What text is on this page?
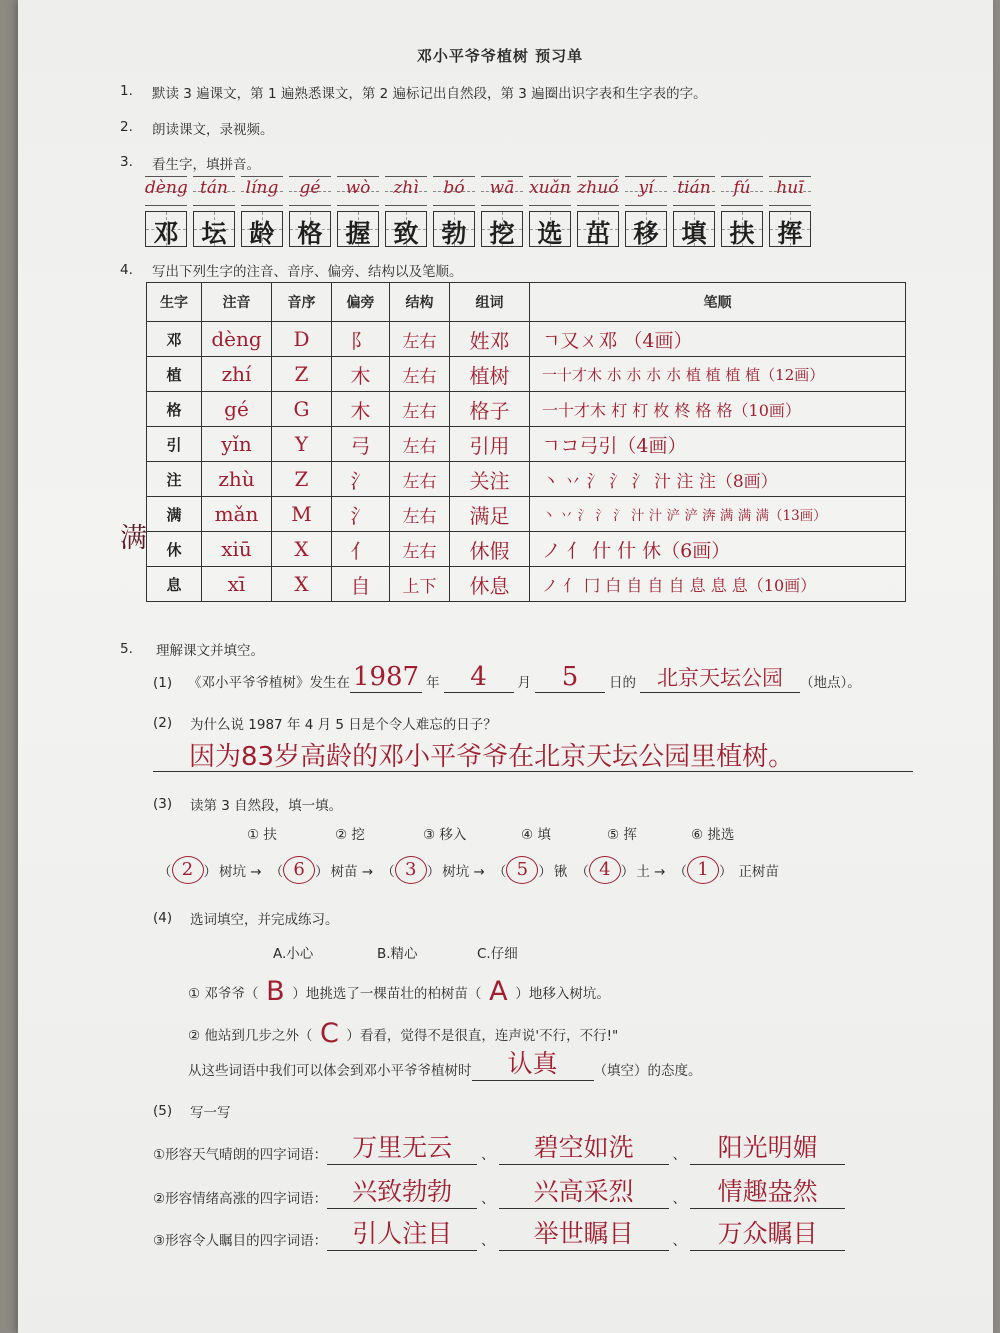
邓小平爷爷植树 预习单
1. 默读 3 遍课文，第 1 遍熟悉课文，第 2 遍标记出自然段，第 3 遍圈出识字表和生字表的字。
2. 朗读课文，录视频。
3. 看生字，填拼音。
dèng tán	líng	gé	wò	zhì	bó	wā xuǎn zhuó	yí	tián	fú	huī
邓 坛 龄 格 握 致 勃 挖 选 茁 移 填 扶 挥
4. 写出下列生字的注音、音序、偏旁、结构以及笔顺。
满
生字	注音	音序	偏旁	结构	组词	笔顺
邓	dèng	D	阝	左右	姓邓	ㄱ又ㄨ邓 （4画）
植	zhí	Z	木	左右	植树	一十才木 朩 朩 朩 朩 植 植 植 植（12画）
格	gé	G	木	左右	格子	一十才木 朾 朾 枚 柊 格 格（10画）
引	yǐn	Y	弓	左右	引用	ㄱコ弓引（4画）
注	zhù	Z	氵	左右	关注	丶 丷 氵 氵 氵 汁 注 注（8画）
满	mǎn	M	氵	左右	满足	丶 丷 氵 氵 氵 汁 汁 浐 浐 渀 满 满 满（13画）
休	xiū	X	亻	左右	休假	ノ 亻 什 什 休（6画）
息	xī	X	自	上下	休息	ノ 亻 冂 白 自 自 自 息 息 息（10画）
5. 理解课文并填空。
(1) 《邓小平爷爷植树》发生在 1987 年	4	月	5	日的	北京天坛公园	（地点）。
(2) 为什么说 1987 年 4 月 5 日是个令人难忘的日子？
因为83岁高龄的邓小平爷爷在北京天坛公园里植树。
(3) 读第 3 自然段，填一填。
① 扶	② 挖	③ 移入	④ 填	⑤ 挥	⑥ 挑选
（ 2 ） 树坑 → （ 6 ） 树苗 → （ 3 ） 树坑 → （ 5 ） 锹 （ 4 ） 土 → （ 1 ） 正树苗
(4) 选词填空，并完成练习。
A.小心	B.精心	C.仔细
① 邓爷爷（ B ）地挑选了一棵苗壮的柏树苗（ A ）地移入树坑。
② 他站到几步之外（ C ）看看，觉得不是很直，连声说'不行，不行!"
从这些词语中我们可以体会到邓小平爷爷植树时	认真	（填空）的态度。
(5) 写一写
①形容天气晴朗的四字词语： 万里无云	、	碧空如洗	、	阳光明媚
②形容情绪高涨的四字词语： 兴致勃勃	、	兴高采烈	、	情趣盎然
③形容令人瞩目的四字词语： 引人注目	、	举世瞩目	、	万众瞩目
